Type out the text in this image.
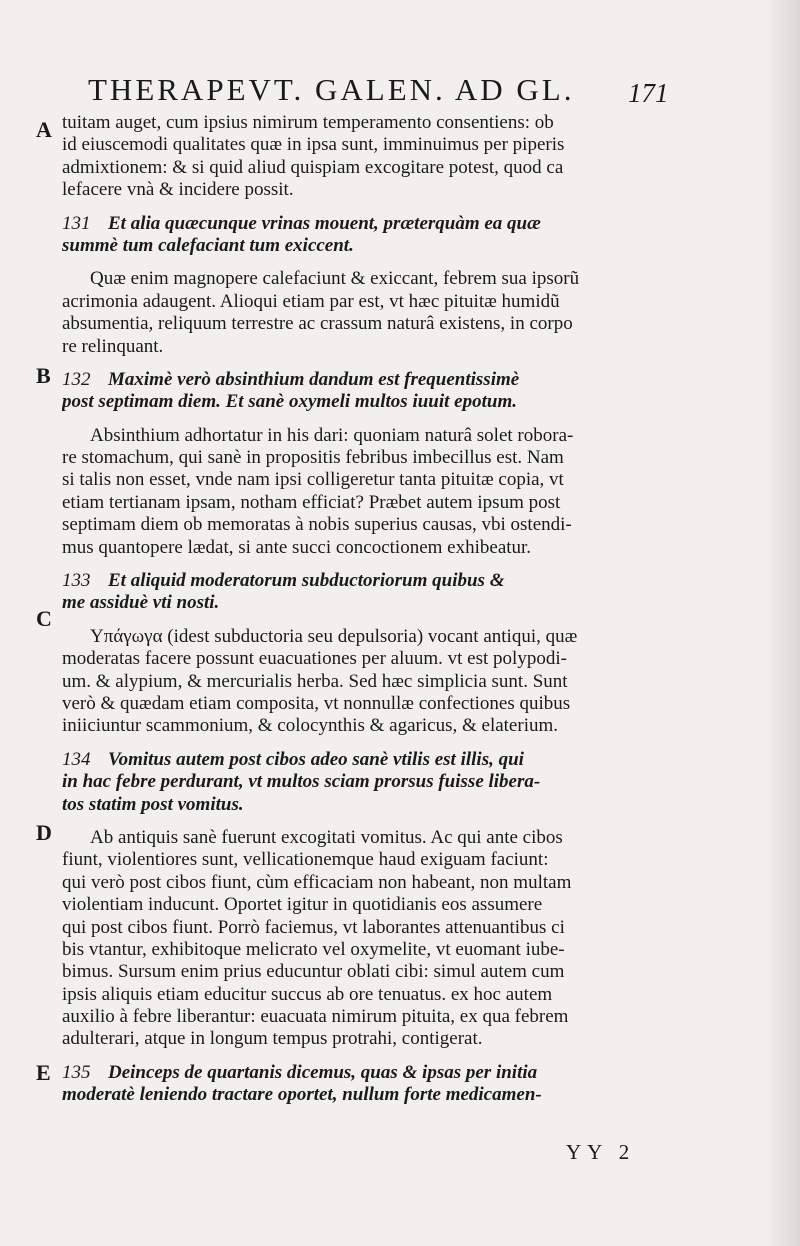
THERAPEVT. GALEN. AD GL.	171
A
B
C
D
E
tuitam auget, cum ipsius nimirum temperamento consentiens: ob
id eiuscemodi qualitates quæ in ipsa sunt, imminuimus per piperis
admixtionem: & si quid aliud quispiam excogitare potest, quod ca
lefacere vnà & incidere possit.
131 Et alia quæcunque vrinas mouent, præterquàm ea quæ
summè tum calefaciant tum exiccent.
Quæ enim magnopere calefaciunt & exiccant, febrem sua ipsorũ
acrimonia adaugent. Alioqui etiam par est, vt hæc pituitæ humidũ
absumentia, reliquum terrestre ac crassum naturâ existens, in corpo
re relinquant.
132 Maximè verò absinthium dandum est frequentissimè
post septimam diem. Et sanè oxymeli multos iuuit epotum.
Absinthium adhortatur in his dari: quoniam naturâ solet robora-
re stomachum, qui sanè in propositis febribus imbecillus est. Nam
si talis non esset, vnde nam ipsi colligeretur tanta pituitæ copia, vt
etiam tertianam ipsam, notham efficiat? Præbet autem ipsum post
septimam diem ob memoratas à nobis superius causas, vbi ostendi-
mus quantopere lædat, si ante succi concoctionem exhibeatur.
133 Et aliquid moderatorum subductoriorum quibus &
me assiduè vti nosti.
Υπάγωγα (idest subductoria seu depulsoria) vocant antiqui, quæ
moderatas facere possunt euacuationes per aluum. vt est polypodi-
um. & alypium, & mercurialis herba. Sed hæc simplicia sunt. Sunt
verò & quædam etiam composita, vt nonnullæ confectiones quibus
iniiciuntur scammonium, & colocynthis & agaricus, & elaterium.
134 Vomitus autem post cibos adeo sanè vtilis est illis, qui
in hac febre perdurant, vt multos sciam prorsus fuisse libera-
tos statim post vomitus.
Ab antiquis sanè fuerunt excogitati vomitus. Ac qui ante cibos
fiunt, violentiores sunt, vellicationemque haud exiguam faciunt:
qui verò post cibos fiunt, cùm efficaciam non habeant, non multam
violentiam inducunt. Oportet igitur in quotidianis eos assumere
qui post cibos fiunt. Porrò faciemus, vt laborantes attenuantibus ci
bis vtantur, exhibitoque melicrato vel oxymelite, vt euomant iube-
bimus. Sursum enim prius educuntur oblati cibi: simul autem cum
ipsis aliquis etiam educitur succus ab ore tenuatus. ex hoc autem
auxilio à febre liberantur: euacuata nimirum pituita, ex qua febrem
adulterari, atque in longum tempus protrahi, contigerat.
135 Deinceps de quartanis dicemus, quas & ipsas per initia
moderatè leniendo tractare oportet, nullum forte medicamen-
YY 2
